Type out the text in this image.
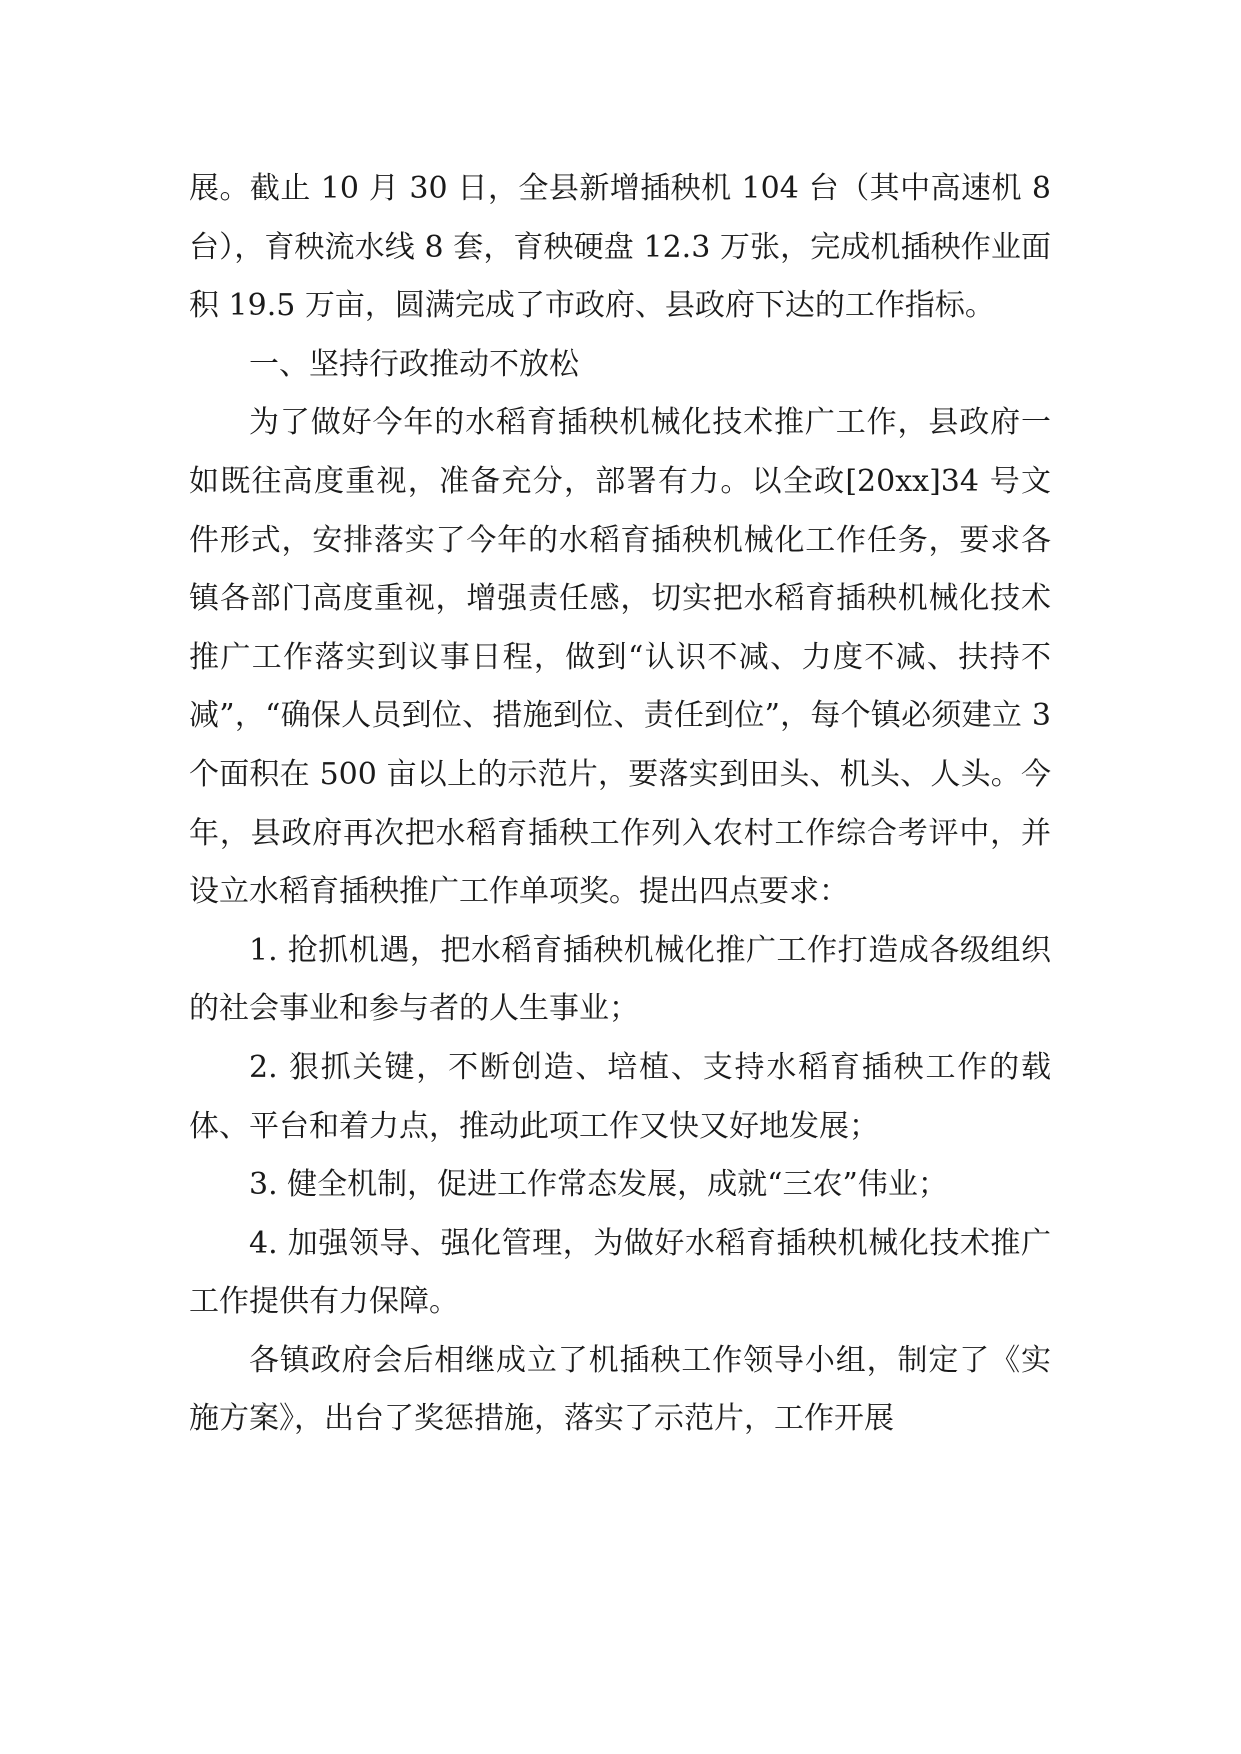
展。截止 10 月 30 日，全县新增插秧机 104 台（其中高速机 8 台），育秧流水线 8 套，育秧硬盘 12.3 万张，完成机插秧作业面积 19.5 万亩，圆满完成了市政府、县政府下达的工作指标。

一、坚持行政推动不放松

为了做好今年的水稻育插秧机械化技术推广工作，县政府一如既往高度重视，准备充分，部署有力。以全政[20xx]34 号文件形式，安排落实了今年的水稻育插秧机械化工作任务，要求各镇各部门高度重视，增强责任感，切实把水稻育插秧机械化技术推广工作落实到议事日程，做到“认识不减、力度不减、扶持不减”，“确保人员到位、措施到位、责任到位”，每个镇必须建立 3 个面积在 500 亩以上的示范片，要落实到田头、机头、人头。今年，县政府再次把水稻育插秧工作列入农村工作综合考评中，并设立水稻育插秧推广工作单项奖。提出四点要求：

1. 抢抓机遇，把水稻育插秧机械化推广工作打造成各级组织的社会事业和参与者的人生事业；

2. 狠抓关键，不断创造、培植、支持水稻育插秧工作的载体、平台和着力点，推动此项工作又快又好地发展；

3. 健全机制，促进工作常态发展，成就“三农”伟业；

4. 加强领导、强化管理，为做好水稻育插秧机械化技术推广工作提供有力保障。

各镇政府会后相继成立了机插秧工作领导小组，制定了《实施方案》，出台了奖惩措施，落实了示范片，工作开展
